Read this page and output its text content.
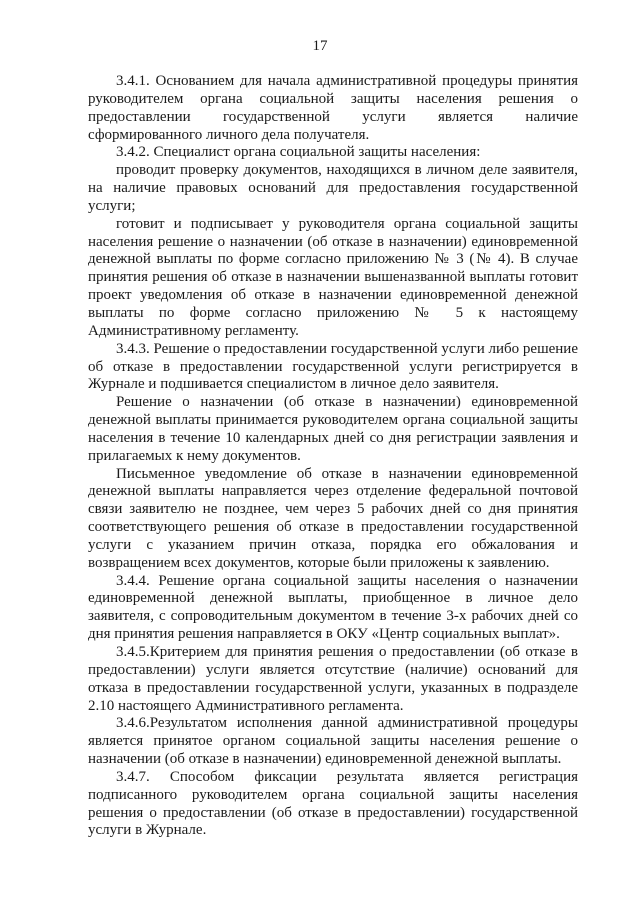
17

3.4.1. Основанием для начала административной процедуры принятия руководителем органа социальной защиты населения решения о предоставлении государственной услуги является наличие сформированного личного дела получателя.

3.4.2. Специалист органа социальной защиты населения:

проводит проверку документов, находящихся в личном деле заявителя, на наличие правовых оснований для предоставления государственной услуги;

готовит и подписывает у руководителя органа социальной защиты населения решение о назначении (об отказе в назначении) единовременной денежной выплаты по форме согласно приложению № 3 (№ 4). В случае принятия решения об отказе в назначении вышеназванной выплаты готовит проект уведомления об отказе в назначении единовременной денежной выплаты по форме согласно приложению № 5 к настоящему Административному регламенту.

3.4.3. Решение о предоставлении государственной услуги либо решение об отказе в предоставлении государственной услуги регистрируется в Журнале и подшивается специалистом в личное дело заявителя.

Решение о назначении (об отказе в назначении) единовременной денежной выплаты принимается руководителем органа социальной защиты населения в течение 10 календарных дней со дня регистрации заявления и прилагаемых к нему документов.

Письменное уведомление об отказе в назначении единовременной денежной выплаты направляется через отделение федеральной почтовой связи заявителю не позднее, чем через 5 рабочих дней со дня принятия соответствующего решения об отказе в предоставлении государственной услуги с указанием причин отказа, порядка его обжалования и возвращением всех документов, которые были приложены к заявлению.

3.4.4. Решение органа социальной защиты населения о назначении единовременной денежной выплаты, приобщенное в личное дело заявителя, с сопроводительным документом в течение 3-х рабочих дней со дня принятия решения направляется в ОКУ «Центр социальных выплат».

3.4.5.Критерием для принятия решения о предоставлении (об отказе в предоставлении) услуги является отсутствие (наличие) оснований для отказа в предоставлении государственной услуги, указанных в подразделе 2.10 настоящего Административного регламента.

3.4.6.Результатом исполнения данной административной процедуры является принятое органом социальной защиты населения решение о назначении (об отказе в назначении) единовременной денежной выплаты.

3.4.7. Способом фиксации результата является регистрация подписанного руководителем органа социальной защиты населения решения о предоставлении (об отказе в предоставлении) государственной услуги в Журнале.
